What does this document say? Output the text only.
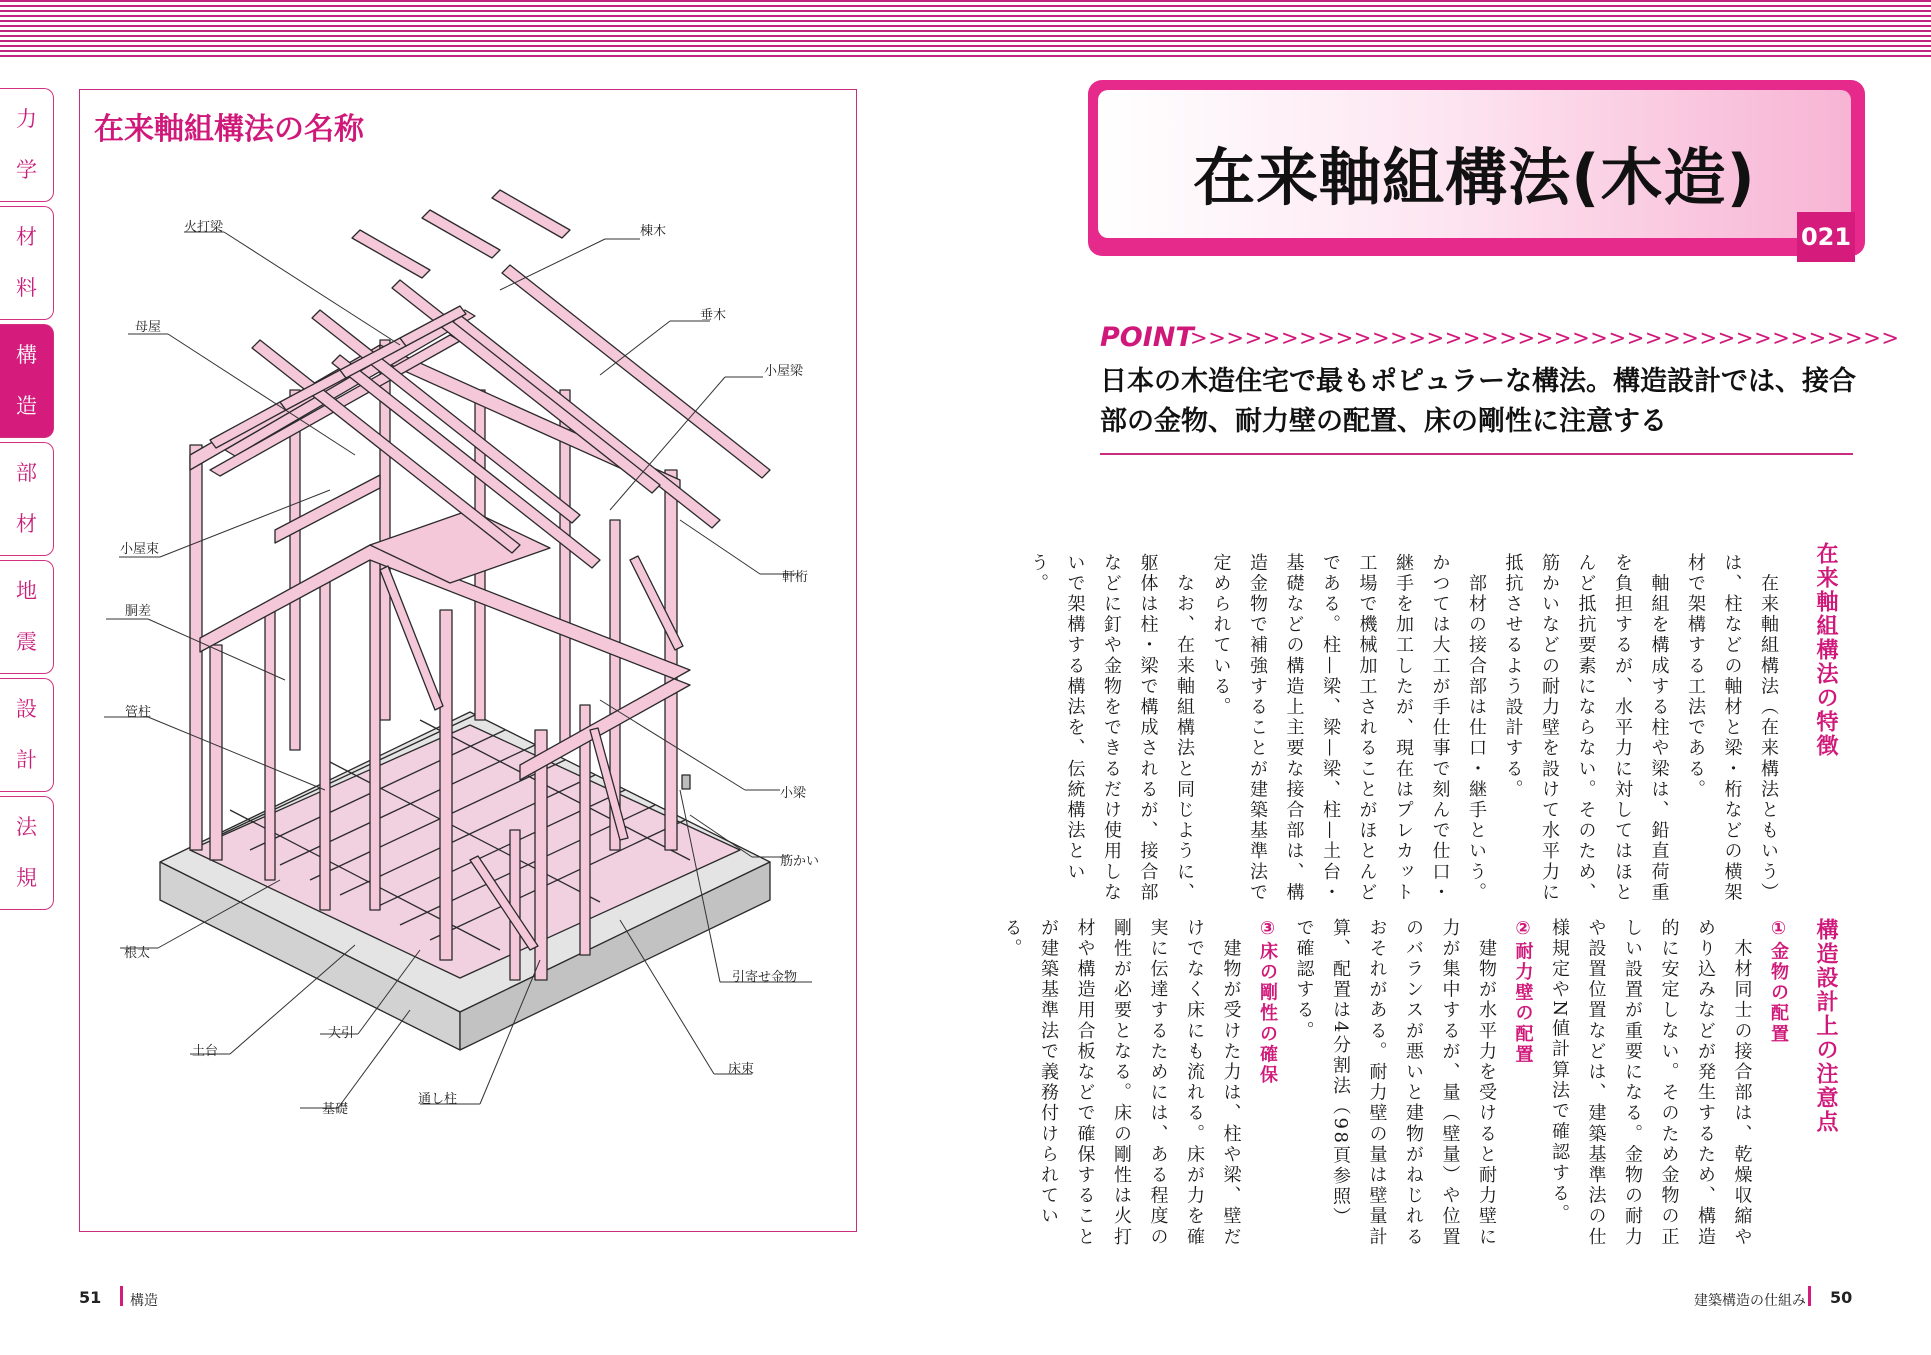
力
学
材
料
構
造
部
材
地
震
設
計
法
規
在来軸組構法の名称
火打梁	棟木
母屋
垂木
小屋梁
小屋束
軒桁
胴差
管柱
小梁
筋かい
根太
引寄せ金物
大引
土台
床束
基礎
通し柱
51 構造
在来軸組構法(木造)
021
POINT
>>>>>>>>>>>>>>>>>>>>>>>>>>>>>>>>>>>>>>>
日本の木造住宅で最もポピュラーな構法。構造設計では、接合部の金物、耐力壁の配置、床の剛性に注意する
在来軸組構法の特徴

　在来軸組構法（在来構法ともいう）は、柱などの軸材と梁・桁などの横架材で架構する工法である。

　軸組を構成する柱や梁は、鉛直荷重を負担するが、水平力に対してはほとんど抵抗要素にならない。そのため、筋かいなどの耐力壁を設けて水平力に抵抗させるよう設計する。

　部材の接合部は仕口・継手という。かつては大工が手仕事で刻んで仕口・継手を加工したが、現在はプレカット工場で機械加工されることがほとんどである。柱—梁、梁—梁、柱—土台・基礎などの構造上主要な接合部は、構造金物で補強することが建築基準法で定められている。

　なお、在来軸組構法と同じように、躯体は柱・梁で構成されるが、接合部などに釘や金物をできるだけ使用しないで架構する構法を、伝統構法という。

構造設計上の注意点

①金物の配置

　木材同士の接合部は、乾燥収縮やめり込みなどが発生するため、構造的に安定しない。そのため金物の正しい設置が重要になる。金物の耐力や設置位置などは、建築基準法の仕様規定やN値計算法で確認する。

②耐力壁の配置

　建物が水平力を受けると耐力壁に力が集中するが、量（壁量）や位置のバランスが悪いと建物がねじれるおそれがある。耐力壁の量は壁量計算、配置は4分割法（98頁参照）で確認する。

③床の剛性の確保

　建物が受けた力は、柱や梁、壁だけでなく床にも流れる。床が力を確実に伝達するためには、ある程度の剛性が必要となる。床の剛性は火打材や構造用合板などで確保することが建築基準法で義務付けられている。

建築構造の仕組み 50
